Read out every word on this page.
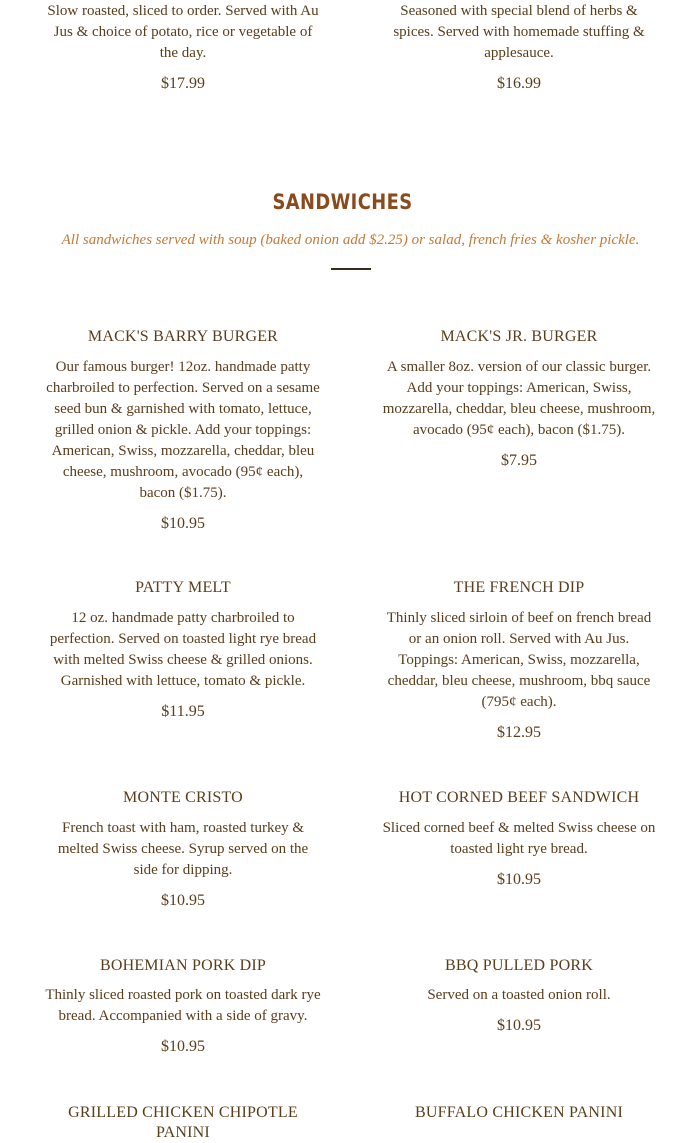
Slow roasted, sliced to order. Served with Au Jus & choice of potato, rice or vegetable of the day.

$17.99

Seasoned with special blend of herbs & spices. Served with homemade stuffing & applesauce.

$16.99

SANDWICHES
All sandwiches served with soup (baked onion add $2.25) or salad, french fries & kosher pickle.

MACK'S BARRY BURGER

Our famous burger! 12oz. handmade patty charbroiled to perfection. Served on a sesame seed bun & garnished with tomato, lettuce, grilled onion & pickle. Add your toppings: American, Swiss, mozzarella, cheddar, bleu cheese, mushroom, avocado (95¢ each), bacon ($1.75).

$10.95

MACK'S JR. BURGER

A smaller 8oz. version of our classic burger. Add your toppings: American, Swiss, mozzarella, cheddar, bleu cheese, mushroom, avocado (95¢ each), bacon ($1.75).

$7.95

PATTY MELT

12 oz. handmade patty charbroiled to perfection. Served on toasted light rye bread with melted Swiss cheese & grilled onions. Garnished with lettuce, tomato & pickle.

$11.95

THE FRENCH DIP

Thinly sliced sirloin of beef on french bread or an onion roll. Served with Au Jus. Toppings: American, Swiss, mozzarella, cheddar, bleu cheese, mushroom, bbq sauce (795¢ each).

$12.95

MONTE CRISTO

French toast with ham, roasted turkey & melted Swiss cheese. Syrup served on the side for dipping.

$10.95

HOT CORNED BEEF SANDWICH

Sliced corned beef & melted Swiss cheese on toasted light rye bread.

$10.95

BOHEMIAN PORK DIP

Thinly sliced roasted pork on toasted dark rye bread. Accompanied with a side of gravy.

$10.95

BBQ PULLED PORK

Served on a toasted onion roll.

$10.95

GRILLED CHICKEN CHIPOTLE PANINI

BUFFALO CHICKEN PANINI
